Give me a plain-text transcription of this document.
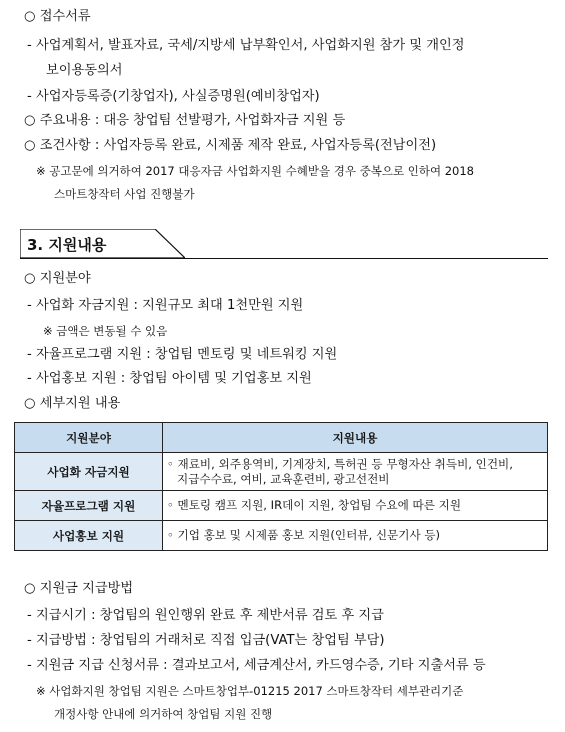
○ 접수서류
- 사업계획서, 발표자료, 국세/지방세 납부확인서, 사업화지원 참가 및 개인정
보이용동의서
- 사업자등록증(기창업자), 사실증명원(예비창업자)
○ 주요내용 : 대응 창업팀 선발평가, 사업화자금 지원 등
○ 조건사항 : 사업자등록 완료, 시제품 제작 완료, 사업자등록(전남이전)
※ 공고문에 의거하여 2017 대응자금 사업화지원 수혜받을 경우 중복으로 인하여 2018
스마트창작터 사업 진행불가
3. 지원내용
○ 지원분야
- 사업화 자금지원 : 지원규모 최대 1천만원 지원
※ 금액은 변동될 수 있음
- 자율프로그램 지원 : 창업팀 멘토링 및 네트워킹 지원
- 사업홍보 지원 : 창업팀 아이템 및 기업홍보 지원
○ 세부지원 내용
지원분야	지원내용
사업화 자금지원	◦ 재료비, 외주용역비, 기계장치, 특허권 등 무형자산 취득비, 인건비,
지급수수료, 여비, 교육훈련비, 광고선전비

자율프로그램 지원	◦ 멘토링 캠프 지원, IR데이 지원, 창업팀 수요에 따른 지원

사업홍보 지원	◦ 기업 홍보 및 시제품 홍보 지원(인터뷰, 신문기사 등)
○ 지원금 지급방법
- 지급시기 : 창업팀의 원인행위 완료 후 제반서류 검토 후 지급
- 지급방법 : 창업팀의 거래처로 직접 입금(VAT는 창업팀 부담)
- 지원금 지급 신청서류 : 결과보고서, 세금계산서, 카드영수증, 기타 지출서류 등
※ 사업화지원 창업팀 지원은 스마트창업부-01215 2017 스마트창작터 세부관리기준
개정사항 안내에 의거하여 창업팀 지원 진행
